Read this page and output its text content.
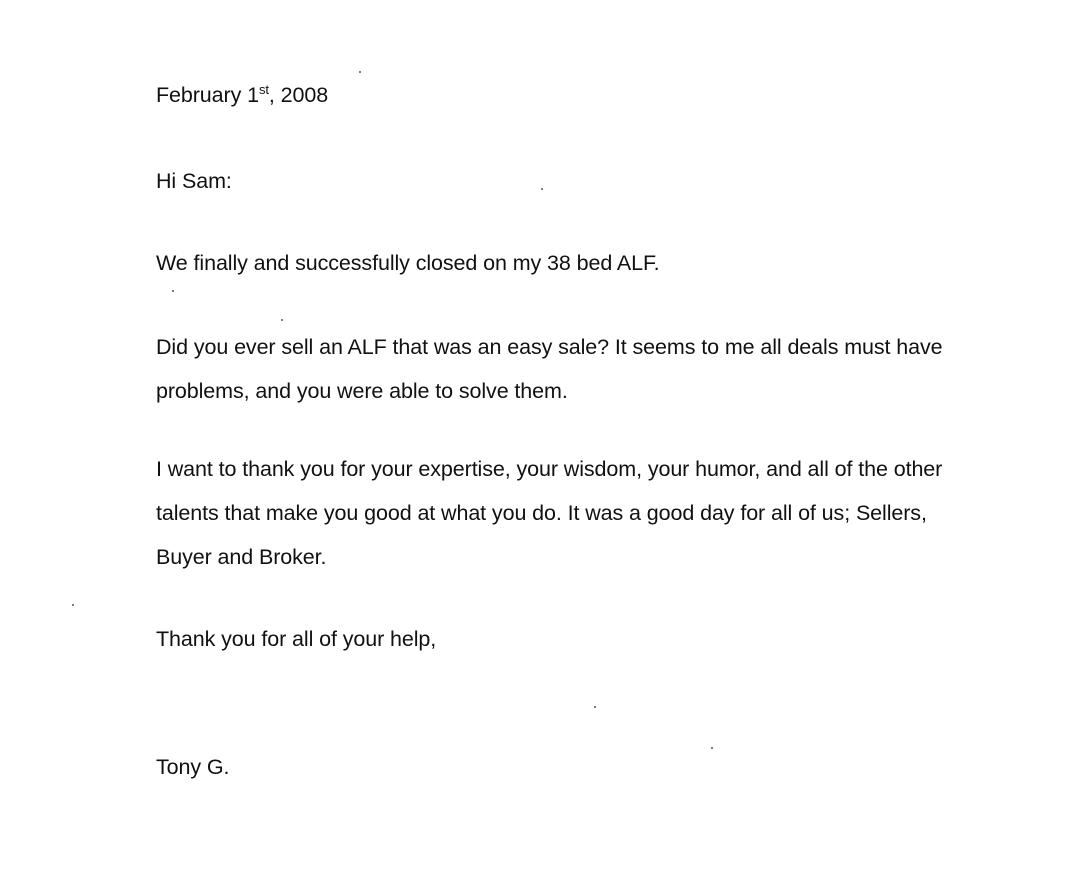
February 1st, 2008
Hi Sam:

We finally and successfully closed on my 38 bed ALF.

Did you ever sell an ALF that was an easy sale? It seems to me all deals must have problems, and you were able to solve them.

I want to thank you for your expertise, your wisdom, your humor, and all of the other talents that make you good at what you do. It was a good day for all of us; Sellers, Buyer and Broker.

Thank you for all of your help,

Tony G.
